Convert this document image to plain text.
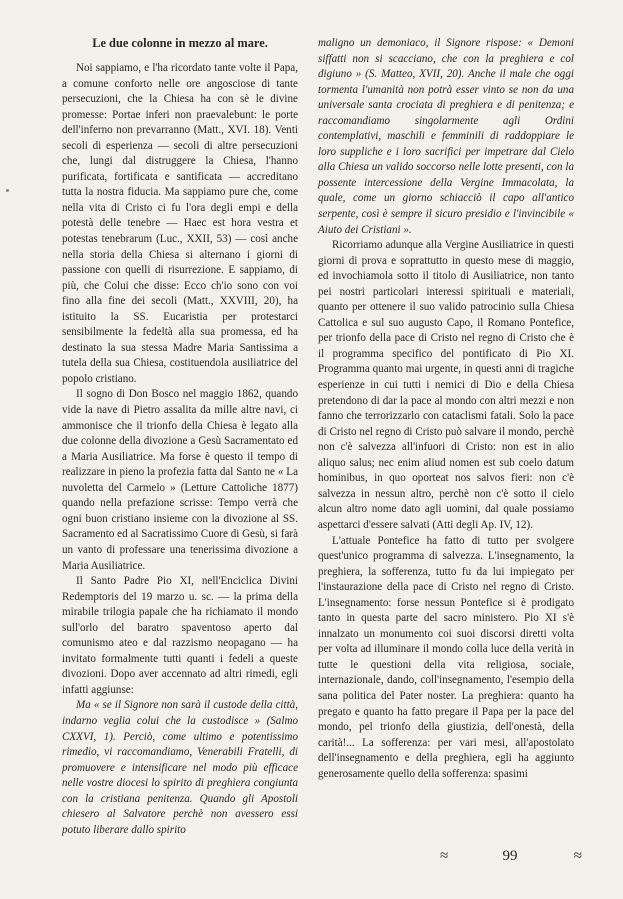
Le due colonne in mezzo al mare.

Noi sappiamo, e l'ha ricordato tante volte il Papa, a comune conforto nelle ore angosciose di tante persecuzioni, che la Chiesa ha con sè le divine promesse: Portae inferi non praevalebunt: le porte dell'inferno non prevarranno (Matt., XVI. 18). Venti secoli di esperienza — secoli di altre persecuzioni che, lungi dal distruggere la Chiesa, l'hanno purificata, fortificata e santificata — accreditano tutta la nostra fiducia. Ma sappiamo pure che, come nella vita di Cristo ci fu l'ora degli empi e della potestà delle tenebre — Haec est hora vestra et potestas tenebrarum (Luc., XXII, 53) — così anche nella storia della Chiesa si alternano i giorni di passione con quelli di risurrezione. E sappiamo, di più, che Colui che disse: Ecco ch'io sono con voi fino alla fine dei secoli (Matt., XXVIII, 20), ha istituito la SS. Eucaristia per protestarci sensibilmente la fedeltà alla sua promessa, ed ha destinato la sua stessa Madre Maria Santissima a tutela della sua Chiesa, costituendola ausiliatrice del popolo cristiano.

Il sogno di Don Bosco nel maggio 1862, quando vide la nave di Pietro assalita da mille altre navi, ci ammonisce che il trionfo della Chiesa è legato alla due colonne della divozione a Gesù Sacramentato ed a Maria Ausiliatrice. Ma forse è questo il tempo di realizzare in pieno la profezia fatta dal Santo ne « La nuvoletta del Carmelo » (Letture Cattoliche 1877) quando nella prefazione scrisse: Tempo verrà che ogni buon cristiano insieme con la divozione al SS. Sacramento ed al Sacratissimo Cuore di Gesù, si farà un vanto di professare una tenerissima divozione a Maria Ausiliatrice.

Il Santo Padre Pio XI, nell'Enciclica Divini Redemptoris del 19 marzo u. sc. — la prima della mirabile trilogia papale che ha richiamato il mondo sull'orlo del baratro spaventoso aperto dal comunismo ateo e dal razzismo neopagano — ha invitato formalmente tutti quanti i fedeli a queste divozioni. Dopo aver accennato ad altri rimedi, egli infatti aggiunse:

Ma « se il Signore non sarà il custode della città, indarno veglia colui che la custodisce » (Salmo CXXVI, 1). Perciò, come ultimo e potentissimo rimedio, vi raccomandiamo, Venerabili Fratelli, di promuovere e intensificare nel modo più efficace nelle vostre diocesi lo spirito di preghiera congiunta con la cristiana penitenza. Quando gli Apostoli chiesero al Salvatore perchè non avessero essi potuto liberare dallo spirito

maligno un demoniaco, il Signore rispose: « Demoni siffatti non si scacciano, che con la preghiera e col digiuno » (S. Matteo, XVII, 20). Anche il male che oggi tormenta l'umanità non potrà esser vinto se non da una universale santa crociata di preghiera e di penitenza; e raccomandiamo singolarmente agli Ordini contemplativi, maschili e femminili di raddoppiare le loro suppliche e i loro sacrifici per impetrare dal Cielo alla Chiesa un valido soccorso nelle lotte presenti, con la possente intercessione della Vergine Immacolata, la quale, come un giorno schiacciò il capo all'antico serpente, così è sempre il sicuro presidio e l'invincibile « Aiuto dei Cristiani ».

Ricorriamo adunque alla Vergine Ausiliatrice in questi giorni di prova e soprattutto in questo mese di maggio, ed invochiamola sotto il titolo di Ausiliatrice, non tanto pei nostri particolari interessi spirituali e materiali, quanto per ottenere il suo valido patrocinio sulla Chiesa Cattolica e sul suo augusto Capo, il Romano Pontefice, per trionfo della pace di Cristo nel regno di Cristo che è il programma specifico del pontificato di Pio XI. Programma quanto mai urgente, in questi anni di tragiche esperienze in cui tutti i nemici di Dio e della Chiesa pretendono di dar la pace al mondo con altri mezzi e non fanno che terrorizzarlo con cataclismi fatali. Solo la pace di Cristo nel regno di Cristo può salvare il mondo, perchè non c'è salvezza all'infuori di Cristo: non est in alio aliquo salus; nec enim aliud nomen est sub coelo datum hominibus, in quo oporteat nos salvos fieri: non c'è salvezza in nessun altro, perchè non c'è sotto il cielo alcun altro nome dato agli uomini, dal quale possiamo aspettarci d'essere salvati (Atti degli Ap. IV, 12).

L'attuale Pontefice ha fatto di tutto per svolgere quest'unico programma di salvezza. L'insegnamento, la preghiera, la sofferenza, tutto fu da lui impiegato per l'instaurazione della pace di Cristo nel regno di Cristo. L'insegnamento: forse nessun Pontefice si è prodigato tanto in questa parte del sacro ministero. Pio XI s'è innalzato un monumento coi suoi discorsi diretti volta per volta ad illuminare il mondo colla luce della verità in tutte le questioni della vita religiosa, sociale, internazionale, dando, coll'insegnamento, l'esempio della sana politica del Pater noster. La preghiera: quanto ha pregato e quanto ha fatto pregare il Papa per la pace del mondo, pel trionfo della giustizia, dell'onestà, della carità!... La sofferenza: per vari mesi, all'apostolato dell'insegnamento e della preghiera, egli ha aggiunto generosamente quello della sofferenza: spasimi

≈	99	≈
